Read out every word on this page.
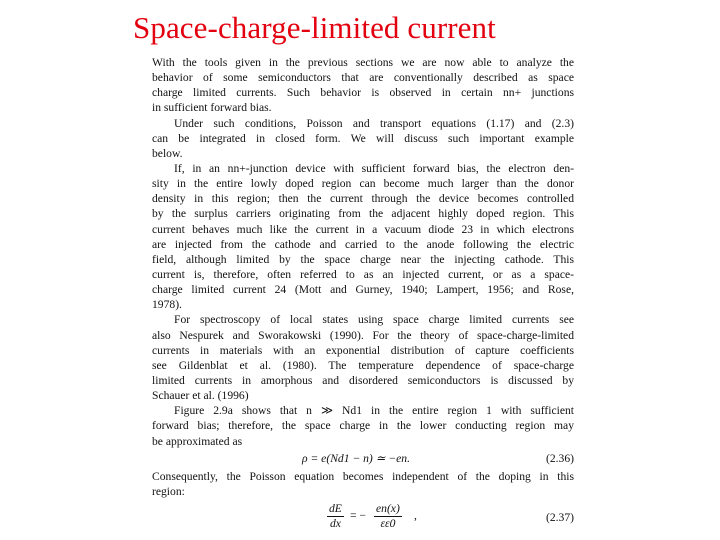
Space-charge-limited current
With the tools given in the previous sections we are now able to analyze the
behavior of some semiconductors that are conventionally described as space
charge limited currents. Such behavior is observed in certain nn+ junctions
in sufficient forward bias.
Under such conditions, Poisson and transport equations (1.17) and (2.3)
can be integrated in closed form. We will discuss such important example
below.
If, in an nn+-junction device with sufficient forward bias, the electron den-
sity in the entire lowly doped region can become much larger than the donor
density in this region; then the current through the device becomes controlled
by the surplus carriers originating from the adjacent highly doped region. This
current behaves much like the current in a vacuum diode 23 in which electrons
are injected from the cathode and carried to the anode following the electric
field, although limited by the space charge near the injecting cathode. This
current is, therefore, often referred to as an injected current, or as a space-
charge limited current 24 (Mott and Gurney, 1940; Lampert, 1956; and Rose,
1978).
For spectroscopy of local states using space charge limited currents see
also Nespurek and Sworakowski (1990). For the theory of space-charge-limited
currents in materials with an exponential distribution of capture coefficients
see Gildenblat et al. (1980). The temperature dependence of space-charge
limited currents in amorphous and disordered semiconductors is discussed by
Schauer et al. (1996)
Figure 2.9a shows that n ≫ Nd1 in the entire region 1 with sufficient
forward bias; therefore, the space charge in the lower conducting region may
be approximated as
ρ = e(Nd1 − n) ≃ −en.	(2.36)
Consequently, the Poisson equation becomes independent of the doping in this
region:
$\frac{dE}{dx}$ = − $\frac{en(x)}{\varepsilon\varepsilon 0}$ ,	(2.37)
